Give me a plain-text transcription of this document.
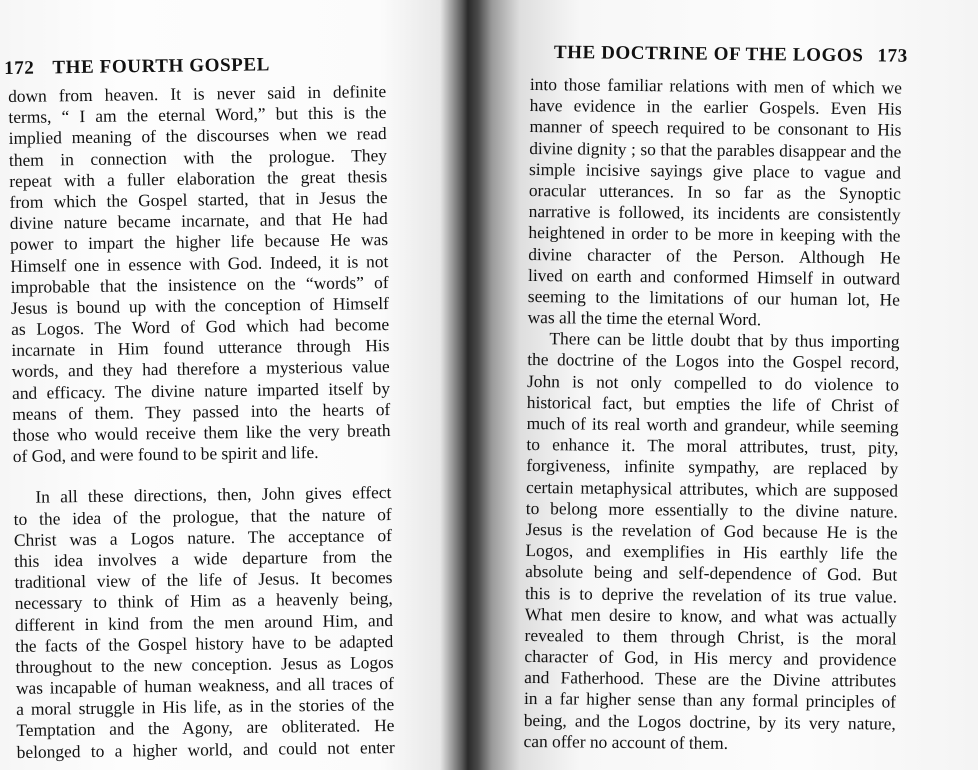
172 THE FOURTH GOSPEL
down from heaven. It is never said in definite
terms, “ I am the eternal Word,” but this is the
implied meaning of the discourses when we read
them in connection with the prologue. They
repeat with a fuller elaboration the great thesis
from which the Gospel started, that in Jesus the
divine nature became incarnate, and that He had
power to impart the higher life because He was
Himself one in essence with God. Indeed, it is not
improbable that the insistence on the “words” of
Jesus is bound up with the conception of Himself
as Logos. The Word of God which had become
incarnate in Him found utterance through His
words, and they had therefore a mysterious value
and efficacy. The divine nature imparted itself by
means of them. They passed into the hearts of
those who would receive them like the very breath
of God, and were found to be spirit and life.
In all these directions, then, John gives effect
to the idea of the prologue, that the nature of
Christ was a Logos nature. The acceptance of
this idea involves a wide departure from the
traditional view of the life of Jesus. It becomes
necessary to think of Him as a heavenly being,
different in kind from the men around Him, and
the facts of the Gospel history have to be adapted
throughout to the new conception. Jesus as Logos
was incapable of human weakness, and all traces of
a moral struggle in His life, as in the stories of the
Temptation and the Agony, are obliterated. He
belonged to a higher world, and could not enter
THE DOCTRINE OF THE LOGOS 173
into those familiar relations with men of which we
have evidence in the earlier Gospels. Even His
manner of speech required to be consonant to His
divine dignity ; so that the parables disappear and the
simple incisive sayings give place to vague and
oracular utterances. In so far as the Synoptic
narrative is followed, its incidents are consistently
heightened in order to be more in keeping with the
divine character of the Person. Although He
lived on earth and conformed Himself in outward
seeming to the limitations of our human lot, He
was all the time the eternal Word.
There can be little doubt that by thus importing
the doctrine of the Logos into the Gospel record,
John is not only compelled to do violence to
historical fact, but empties the life of Christ of
much of its real worth and grandeur, while seeming
to enhance it. The moral attributes, trust, pity,
forgiveness, infinite sympathy, are replaced by
certain metaphysical attributes, which are supposed
to belong more essentially to the divine nature.
Jesus is the revelation of God because He is the
Logos, and exemplifies in His earthly life the
absolute being and self-dependence of God. But
this is to deprive the revelation of its true value.
What men desire to know, and what was actually
revealed to them through Christ, is the moral
character of God, in His mercy and providence
and Fatherhood. These are the Divine attributes
in a far higher sense than any formal principles of
being, and the Logos doctrine, by its very nature,
can offer no account of them.
